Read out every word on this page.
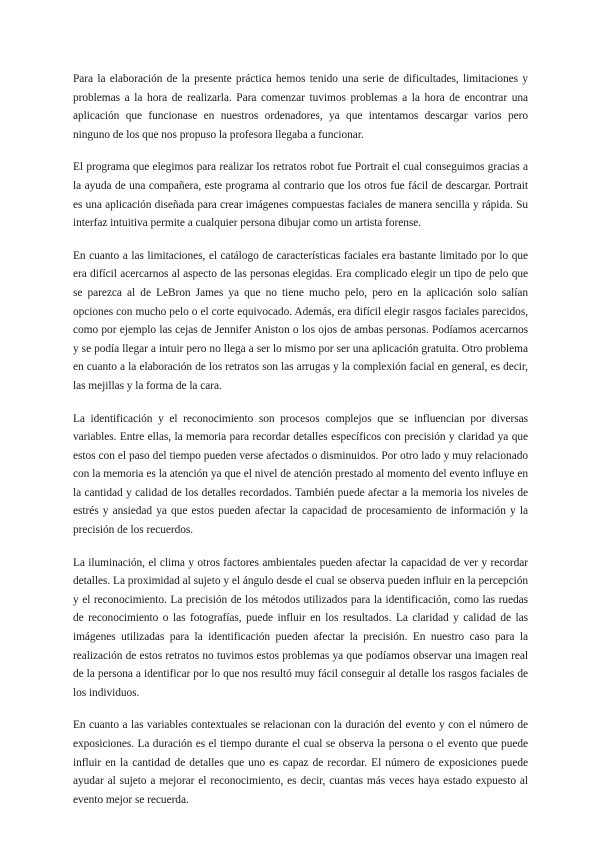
Para la elaboración de la presente práctica hemos tenido una serie de dificultades, limitaciones y problemas a la hora de realizarla. Para comenzar tuvimos problemas a la hora de encontrar una aplicación que funcionase en nuestros ordenadores, ya que intentamos descargar varios pero ninguno de los que nos propuso la profesora llegaba a funcionar.

El programa que elegimos para realizar los retratos robot fue Portrait el cual conseguimos gracias a la ayuda de una compañera, este programa al contrario que los otros fue fácil de descargar. Portrait es una aplicación diseñada para crear imágenes compuestas faciales de manera sencilla y rápida. Su interfaz intuitiva permite a cualquier persona dibujar como un artista forense.

En cuanto a las limitaciones, el catálogo de características faciales era bastante limitado por lo que era difícil acercarnos al aspecto de las personas elegidas. Era complicado elegir un tipo de pelo que se parezca al de LeBron James ya que no tiene mucho pelo, pero en la aplicación solo salían opciones con mucho pelo o el corte equivocado. Además, era difícil elegir rasgos faciales parecidos, como por ejemplo las cejas de Jennifer Aniston o los ojos de ambas personas. Podíamos acercarnos y se podía llegar a intuir pero no llega a ser lo mismo por ser una aplicación gratuita. Otro problema en cuanto a la elaboración de los retratos son las arrugas y la complexión facial en general, es decir, las mejillas y la forma de la cara.

La identificación y el reconocimiento son procesos complejos que se influencian por diversas variables. Entre ellas, la memoria para recordar detalles específicos con precisión y claridad ya que estos con el paso del tiempo pueden verse afectados o disminuidos. Por otro lado y muy relacionado con la memoria es la atención ya que el nivel de atención prestado al momento del evento influye en la cantidad y calidad de los detalles recordados. También puede afectar a la memoria los niveles de estrés y ansiedad ya que estos pueden afectar la capacidad de procesamiento de información y la precisión de los recuerdos.

La iluminación, el clima y otros factores ambientales pueden afectar la capacidad de ver y recordar detalles. La proximidad al sujeto y el ángulo desde el cual se observa pueden influir en la percepción y el reconocimiento. La precisión de los métodos utilizados para la identificación, como las ruedas de reconocimiento o las fotografías, puede influir en los resultados. La claridad y calidad de las imágenes utilizadas para la identificación pueden afectar la precisión. En nuestro caso para la realización de estos retratos no tuvimos estos problemas ya que podíamos observar una imagen real de la persona a identificar por lo que nos resultó muy fácil conseguir al detalle los rasgos faciales de los individuos.

En cuanto a las variables contextuales se relacionan con la duración del evento y con el número de exposiciones. La duración es el tiempo durante el cual se observa la persona o el evento que puede influir en la cantidad de detalles que uno es capaz de recordar. El número de exposiciones puede ayudar al sujeto a mejorar el reconocimiento, es decir, cuantas más veces haya estado expuesto al evento mejor se recuerda.
